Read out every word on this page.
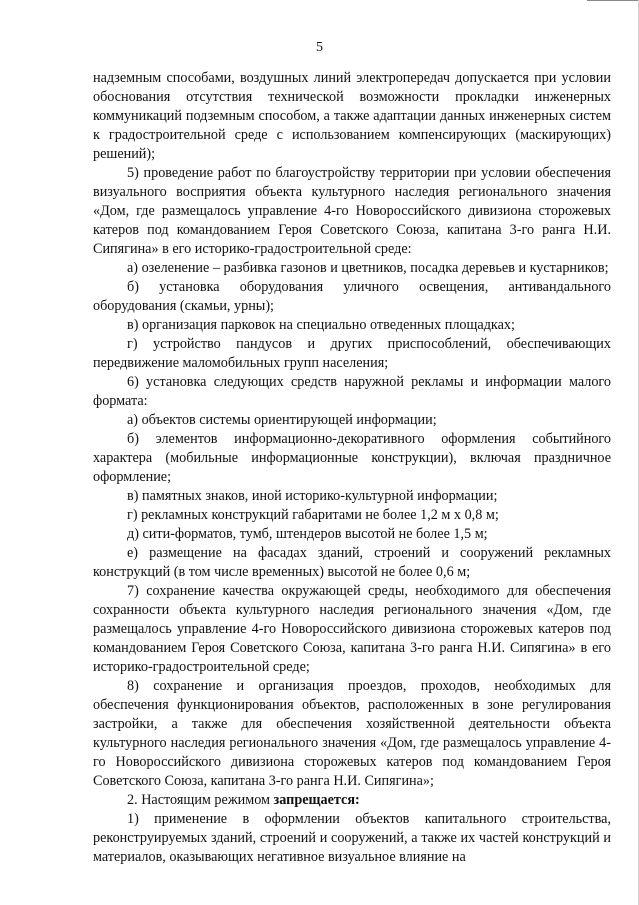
5

надземным способами, воздушных линий электропередач допускается при условии обоснования отсутствия технической возможности прокладки инженерных коммуникаций подземным способом, а также адаптации данных инженерных систем к градостроительной среде с использованием компенсирующих (маскирующих) решений);

5) проведение работ по благоустройству территории при условии обеспечения визуального восприятия объекта культурного наследия регионального значения «Дом, где размещалось управление 4-го Новороссийского дивизиона сторожевых катеров под командованием Героя Советского Союза, капитана 3-го ранга Н.И. Сипягина» в его историко-градостроительной среде:

а) озеленение – разбивка газонов и цветников, посадка деревьев и кустарников;

б) установка оборудования уличного освещения, антивандального оборудования (скамьи, урны);

в) организация парковок на специально отведенных площадках;

г) устройство пандусов и других приспособлений, обеспечивающих передвижение маломобильных групп населения;

6) установка следующих средств наружной рекламы и информации малого формата:

а) объектов системы ориентирующей информации;

б) элементов информационно-декоративного оформления событийного характера (мобильные информационные конструкции), включая праздничное оформление;

в) памятных знаков, иной историко-культурной информации;

г) рекламных конструкций габаритами не более 1,2 м х 0,8 м;

д) сити-форматов, тумб, штендеров высотой не более 1,5 м;

е) размещение на фасадах зданий, строений и сооружений рекламных конструкций (в том числе временных) высотой не более 0,6 м;

7) сохранение качества окружающей среды, необходимого для обеспечения сохранности объекта культурного наследия регионального значения «Дом, где размещалось управление 4-го Новороссийского дивизиона сторожевых катеров под командованием Героя Советского Союза, капитана 3-го ранга Н.И. Сипягина» в его историко-градостроительной среде;

8) сохранение и организация проездов, проходов, необходимых для обеспечения функционирования объектов, расположенных в зоне регулирования застройки, а также для обеспечения хозяйственной деятельности объекта культурного наследия регионального значения «Дом, где размещалось управление 4-го Новороссийского дивизиона сторожевых катеров под командованием Героя Советского Союза, капитана 3-го ранга Н.И. Сипягина»;

2. Настоящим режимом запрещается:

1) применение в оформлении объектов капитального строительства, реконструируемых зданий, строений и сооружений, а также их частей конструкций и материалов, оказывающих негативное визуальное влияние на
